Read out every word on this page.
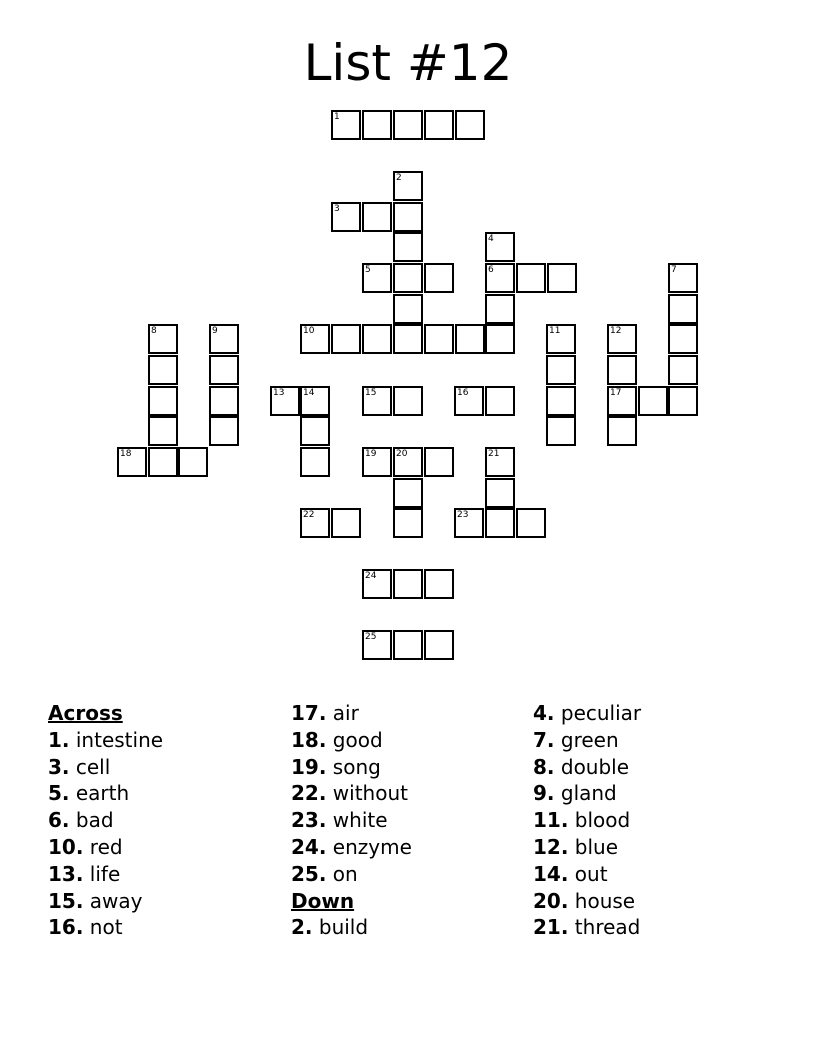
List #12
1
2
3
4
5	6	7
8	9	10	11	12
13 14	15	16	17
18	19 20	21
22	23
24
25
Across
1. intestine
3. cell
5. earth
6. bad
10. red
13. life
15. away
16. not
17. air
18. good
19. song
22. without
23. white
24. enzyme
25. on
Down
2. build
4. peculiar
7. green
8. double
9. gland
11. blood
12. blue
14. out
20. house
21. thread
